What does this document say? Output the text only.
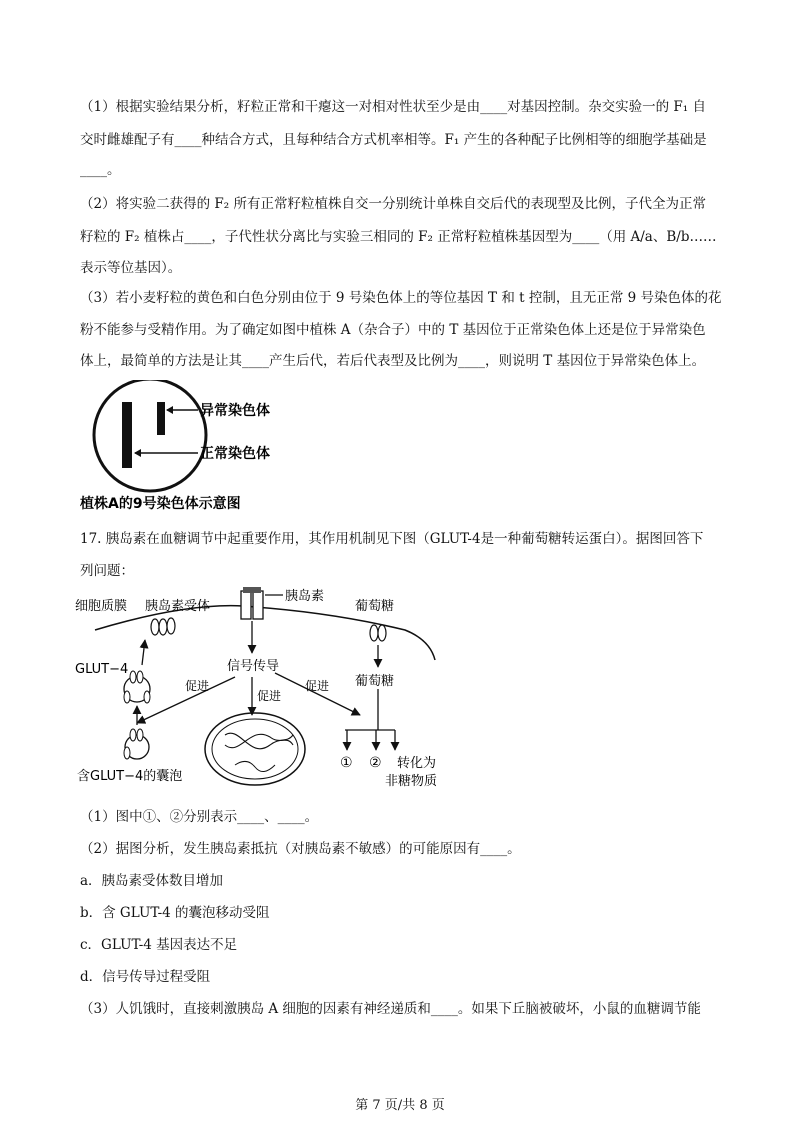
（1）根据实验结果分析，籽粒正常和干瘪这一对相对性状至少是由____对基因控制。杂交实验一的 F₁ 自
交时雌雄配子有____种结合方式，且每种结合方式机率相等。F₁ 产生的各种配子比例相等的细胞学基础是
____。
（2）将实验二获得的 F₂ 所有正常籽粒植株自交一分别统计单株自交后代的表现型及比例，子代全为正常
籽粒的 F₂ 植株占____，子代性状分离比与实验三相同的 F₂ 正常籽粒植株基因型为____（用 A/a、B/b……
表示等位基因）。
（3）若小麦籽粒的黄色和白色分别由位于 9 号染色体上的等位基因 T 和 t 控制，且无正常 9 号染色体的花
粉不能参与受精作用。为了确定如图中植株 A（杂合子）中的 T 基因位于正常染色体上还是位于异常染色
体上，最简单的方法是让其____产生后代，若后代表型及比例为____，则说明 T 基因位于异常染色体上。
异常染色体
正常染色体
植株A的9号染色体示意图
17. 胰岛素在血糖调节中起重要作用，其作用机制见下图（GLUT-4是一种葡萄糖转运蛋白）。据图回答下
列问题：
细胞质膜 胰岛素受体
胰岛素
葡萄糖
GLUT−4	信号传导
促进
促进
促进 葡萄糖
含GLUT−4的囊泡
① ② 转化为
非糖物质
（1）图中①、②分别表示____、____。
（2）据图分析，发生胰岛素抵抗（对胰岛素不敏感）的可能原因有____。
a．胰岛素受体数目增加
b．含 GLUT-4 的囊泡移动受阻
c．GLUT-4 基因表达不足
d．信号传导过程受阻
（3）人饥饿时，直接刺激胰岛 A 细胞的因素有神经递质和____。如果下丘脑被破坏，小鼠的血糖调节能
第 7 页/共 8 页
